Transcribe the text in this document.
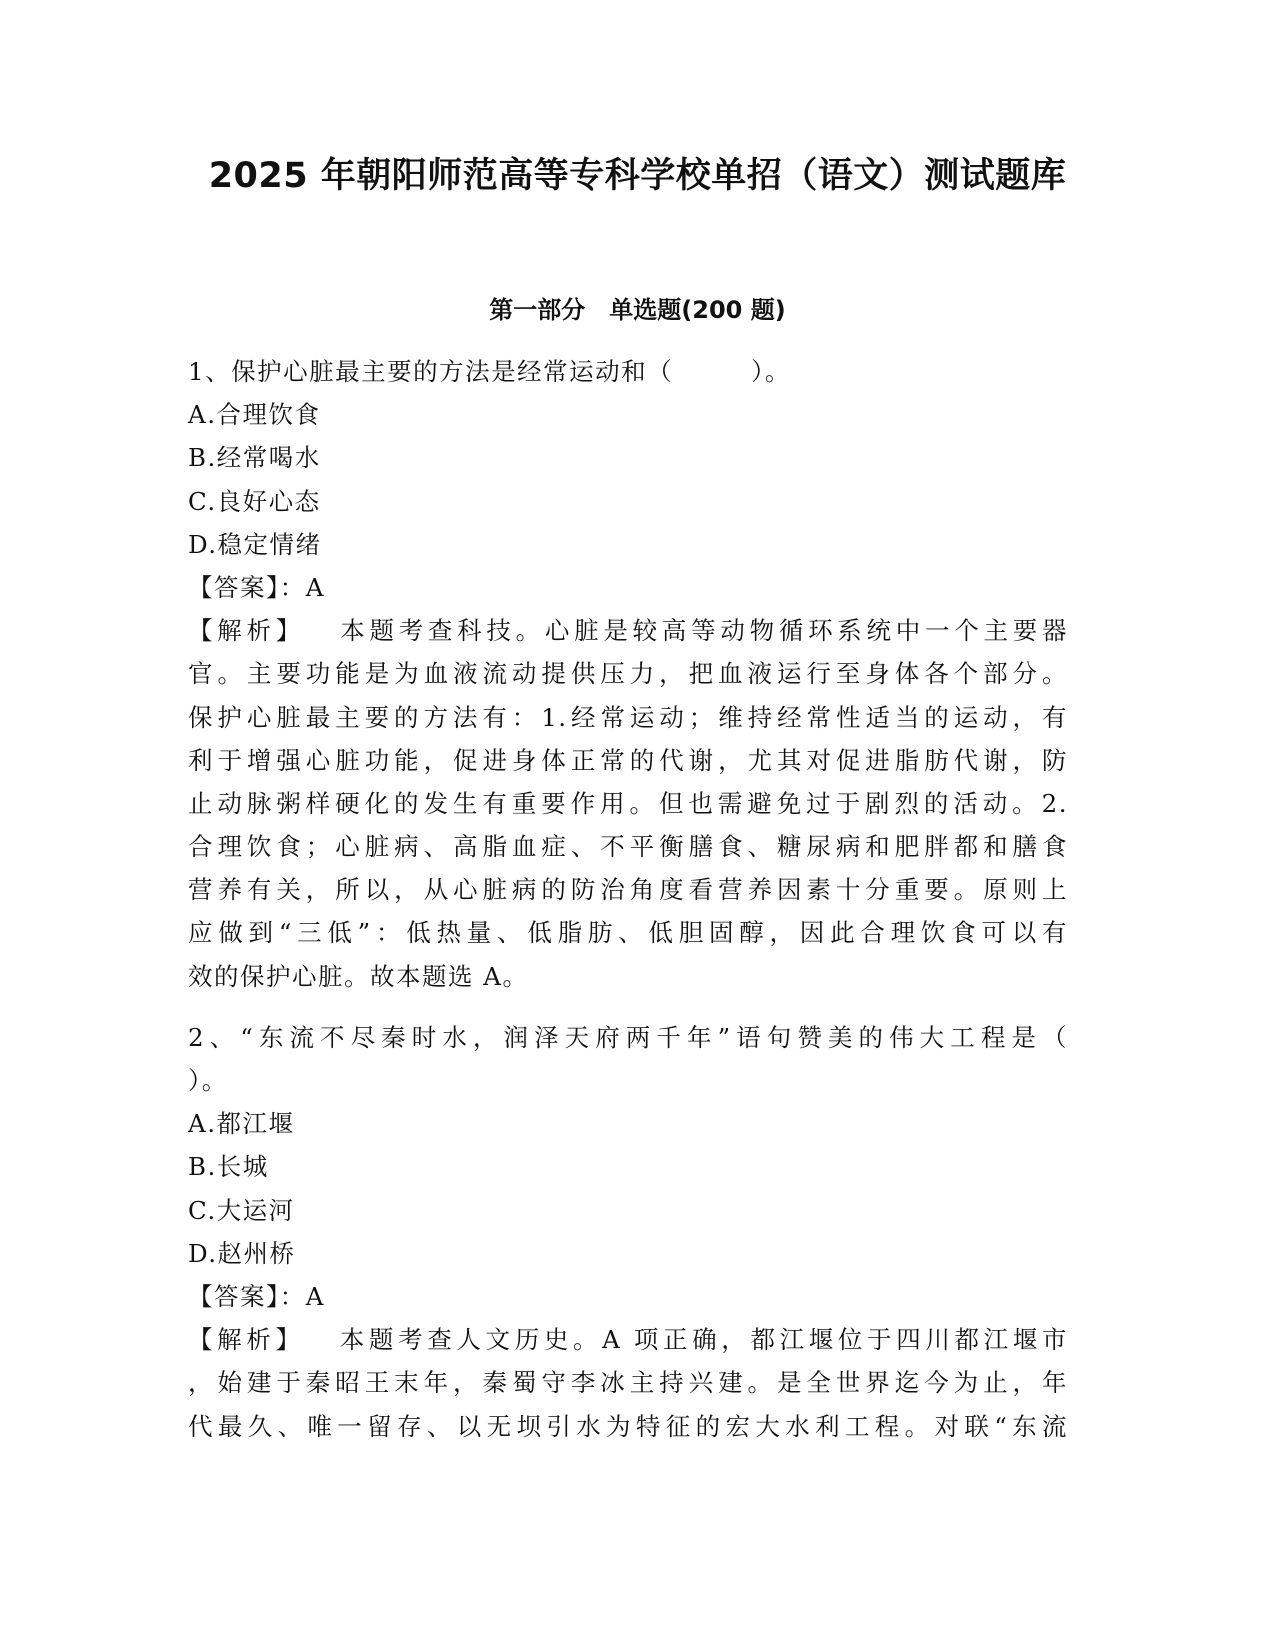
2025 年朝阳师范高等专科学校单招（语文）测试题库
第一部分　单选题(200 题)
1、保护心脏最主要的方法是经常运动和（　　　）。
A.合理饮食
B.经常喝水
C.良好心态
D.稳定情绪
【答案】：A
【解析】 本题考查科技。心脏是较高等动物循环系统中一个主要器
官。主要功能是为血液流动提供压力，把血液运行至身体各个部分。
保护心脏最主要的方法有：1.经常运动；维持经常性适当的运动，有
利于增强心脏功能，促进身体正常的代谢，尤其对促进脂肪代谢，防
止动脉粥样硬化的发生有重要作用。但也需避免过于剧烈的活动。2.
合理饮食；心脏病、高脂血症、不平衡膳食、糖尿病和肥胖都和膳食
营养有关，所以，从心脏病的防治角度看营养因素十分重要。原则上
应做到“三低”：低热量、低脂肪、低胆固醇，因此合理饮食可以有
效的保护心脏。故本题选 A。
2、“东流不尽秦时水，润泽天府两千年”语句赞美的伟大工程是（
）。
A.都江堰
B.长城
C.大运河
D.赵州桥
【答案】：A
【解析】 本题考查人文历史。A 项正确，都江堰位于四川都江堰市
，始建于秦昭王末年，秦蜀守李冰主持兴建。是全世界迄今为止，年
代最久、唯一留存、以无坝引水为特征的宏大水利工程。对联“东流
